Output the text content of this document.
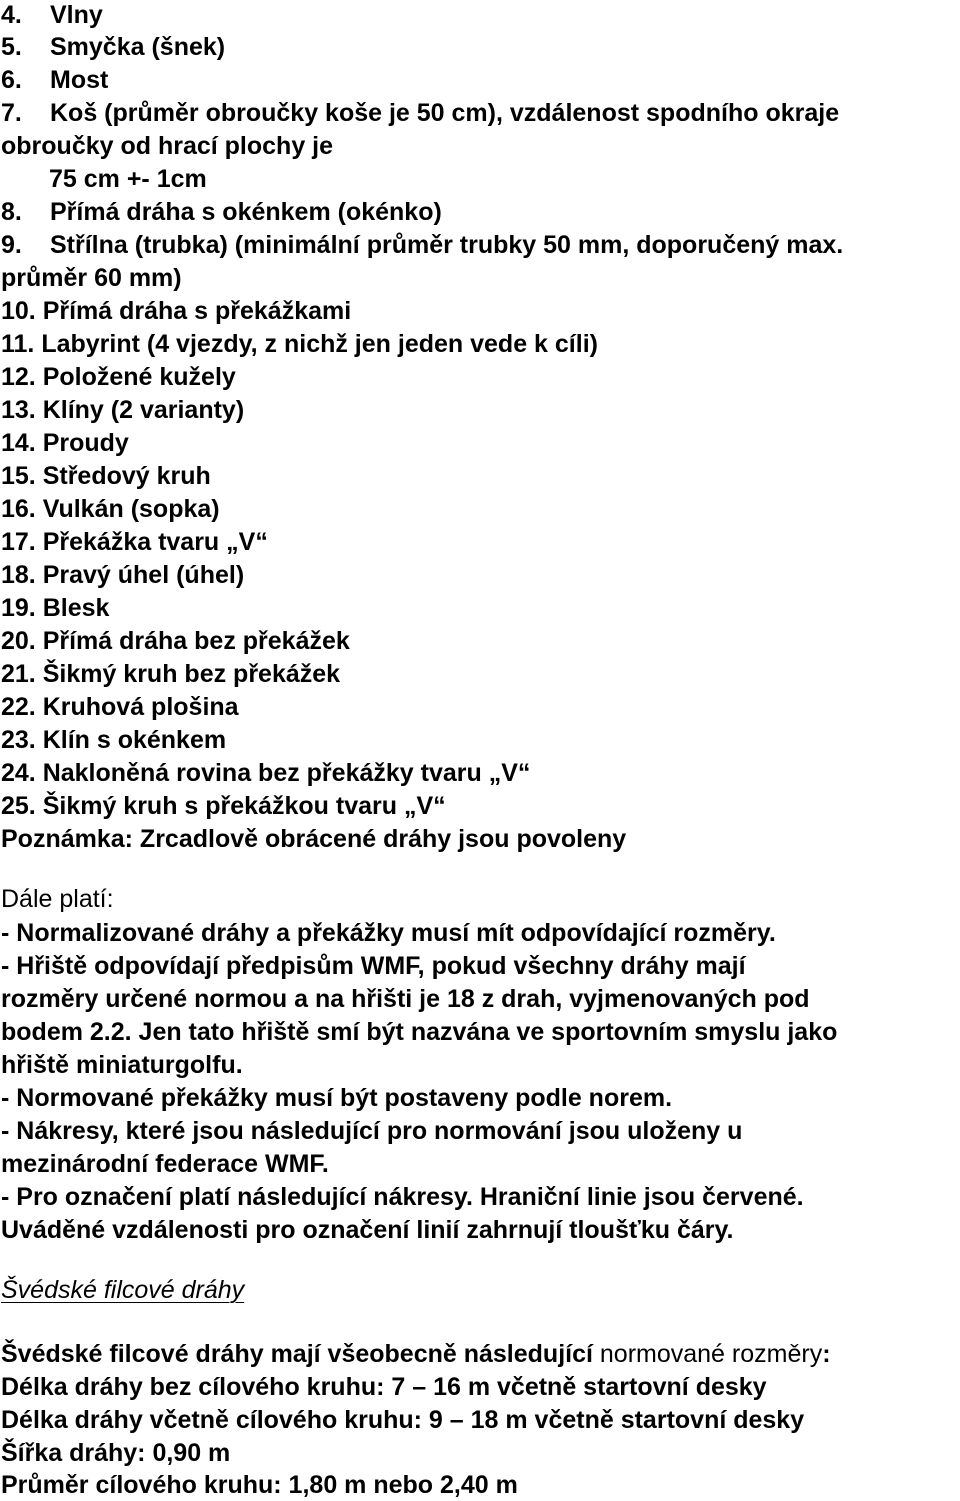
4. Vlny
5. Smyčka (šnek)
6. Most
7. Koš (průměr obroučky koše je 50 cm), vzdálenost spodního okraje
obroučky od hrací plochy je
75 cm +- 1cm
8. Přímá dráha s okénkem (okénko)
9. Střílna (trubka) (minimální průměr trubky 50 mm, doporučený max.
průměr 60 mm)
10. Přímá dráha s překážkami
11. Labyrint (4 vjezdy, z nichž jen jeden vede k cíli)
12. Položené kužely
13. Klíny (2 varianty)
14. Proudy
15. Středový kruh
16. Vulkán (sopka)
17. Překážka tvaru „V“
18. Pravý úhel (úhel)
19. Blesk
20. Přímá dráha bez překážek
21. Šikmý kruh bez překážek
22. Kruhová plošina
23. Klín s okénkem
24. Nakloněná rovina bez překážky tvaru „V“
25. Šikmý kruh s překážkou tvaru „V“
Poznámka: Zrcadlově obrácené dráhy jsou povoleny
Dále platí:
- Normalizované dráhy a překážky musí mít odpovídající rozměry.
- Hřiště odpovídají předpisům WMF, pokud všechny dráhy mají
rozměry určené normou a na hřišti je 18 z drah, vyjmenovaných pod
bodem 2.2. Jen tato hřiště smí být nazvána ve sportovním smyslu jako
hřiště miniaturgolfu.
- Normované překážky musí být postaveny podle norem.
- Nákresy, které jsou následující pro normování jsou uloženy u
mezinárodní federace WMF.
- Pro označení platí následující nákresy. Hraniční linie jsou červené.
Uváděné vzdálenosti pro označení linií zahrnují tloušťku čáry.
Švédské filcové dráhy
Švédské filcové dráhy mají všeobecně následující normované rozměry:
Délka dráhy bez cílového kruhu: 7 – 16 m včetně startovní desky
Délka dráhy včetně cílového kruhu: 9 – 18 m včetně startovní desky
Šířka dráhy: 0,90 m
Průměr cílového kruhu: 1,80 m nebo 2,40 m
